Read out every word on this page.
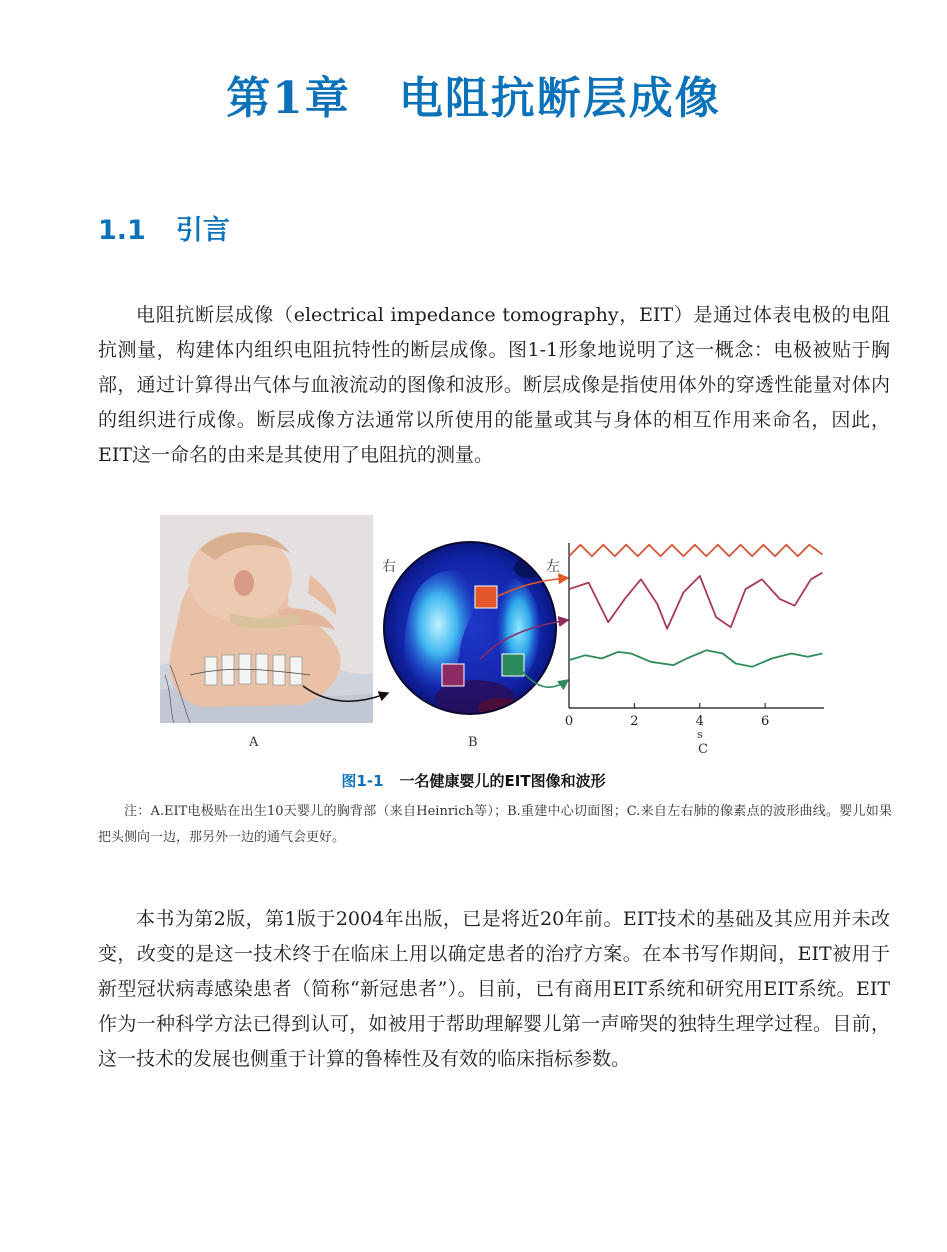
第1章 电阻抗断层成像
1.1 引言

电阻抗断层成像（electrical impedance tomography，EIT）是通过体表电极的电阻抗测量，构建体内组织电阻抗特性的断层成像。图1-1形象地说明了这一概念：电极被贴于胸部，通过计算得出气体与血液流动的图像和波形。断层成像是指使用体外的穿透性能量对体内的组织进行成像。断层成像方法通常以所使用的能量或其与身体的相互作用来命名，因此，EIT这一命名的由来是其使用了电阻抗的测量。

A
右	左
B
0	2	4	6
s
C
图1-1 一名健康婴儿的EIT图像和波形

注：A.EIT电极贴在出生10天婴儿的胸背部（来自Heinrich等）；B.重建中心切面图；C.来自左右肺的像素点的波形曲线。婴儿如果把头侧向一边，那另外一边的通气会更好。

本书为第2版，第1版于2004年出版，已是将近20年前。EIT技术的基础及其应用并未改变，改变的是这一技术终于在临床上用以确定患者的治疗方案。在本书写作期间，EIT被用于新型冠状病毒感染患者（简称“新冠患者”）。目前，已有商用EIT系统和研究用EIT系统。EIT作为一种科学方法已得到认可，如被用于帮助理解婴儿第一声啼哭的独特生理学过程。目前，这一技术的发展也侧重于计算的鲁棒性及有效的临床指标参数。
